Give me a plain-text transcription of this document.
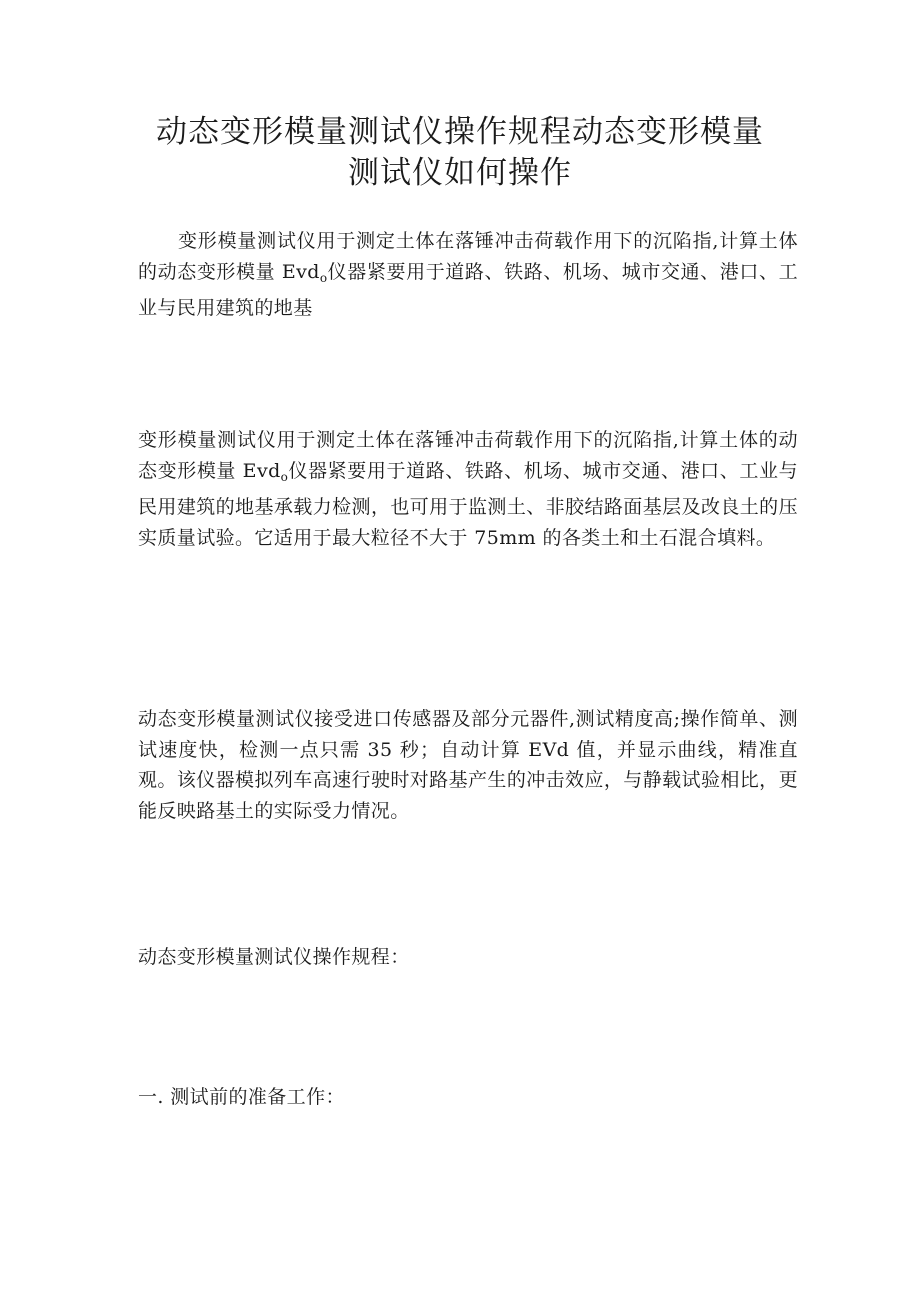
动态变形模量测试仪操作规程动态变形模量
测试仪如何操作

变形模量测试仪用于测定土体在落锤冲击荷载作用下的沉陷指,计算土体的动态变形模量 Evd$_o$仪器紧要用于道路、铁路、机场、城市交通、港口、工业与民用建筑的地基

变形模量测试仪用于测定土体在落锤冲击荷载作用下的沉陷指,计算土体的动态变形模量 Evd$_o$仪器紧要用于道路、铁路、机场、城市交通、港口、工业与民用建筑的地基承载力检测，也可用于监测土、非胶结路面基层及改良土的压实质量试验。它适用于最大粒径不大于 75mm 的各类土和土石混合填料。

动态变形模量测试仪接受进口传感器及部分元器件,测试精度高;操作简单、测试速度快，检测一点只需 35 秒；自动计算 EVd 值，并显示曲线，精准直观。该仪器模拟列车高速行驶时对路基产生的冲击效应，与静载试验相比，更能反映路基土的实际受力情况。

动态变形模量测试仪操作规程：

一. 测试前的准备工作：
